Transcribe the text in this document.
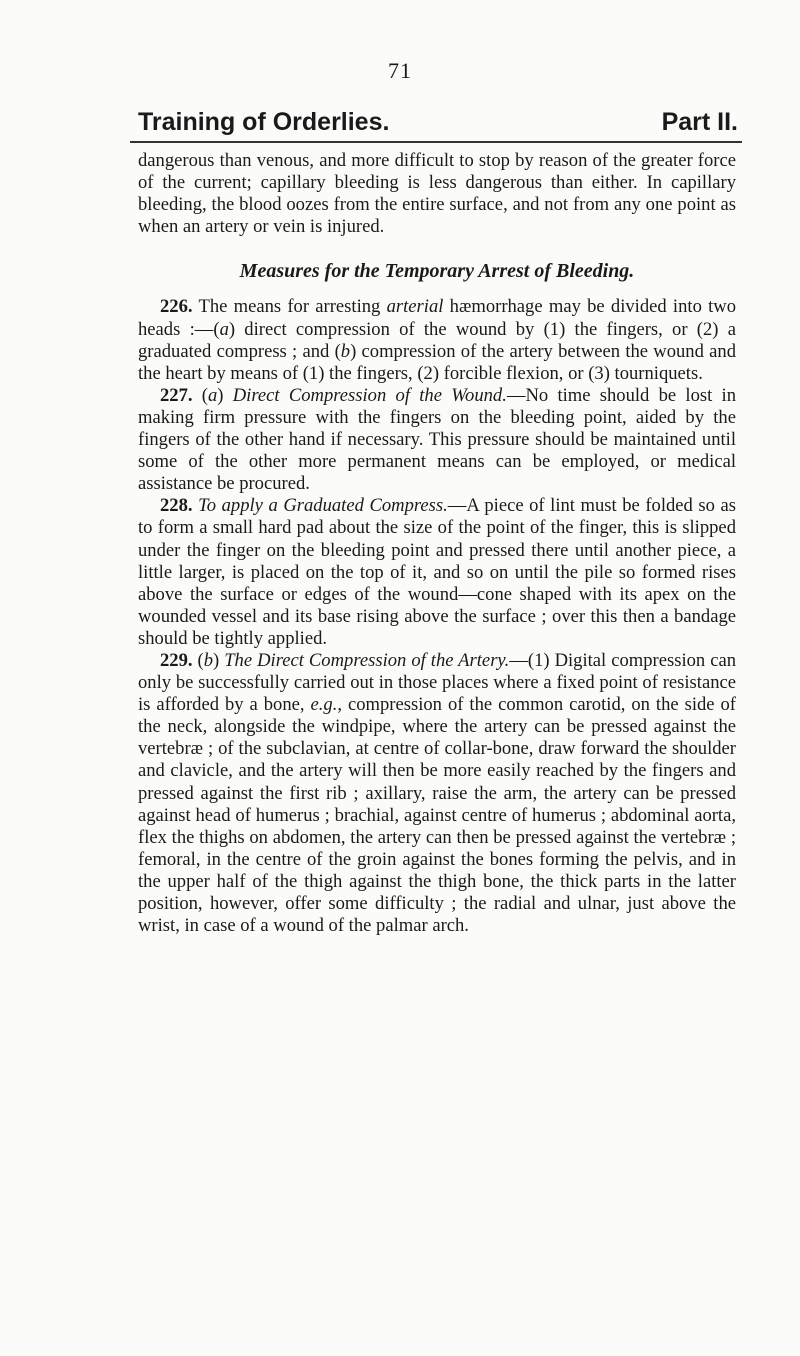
71
Training of Orderlies.	Part II.

dangerous than venous, and more difficult to stop by reason of the greater force of the current; capillary bleeding is less dangerous than either. In capillary bleeding, the blood oozes from the entire surface, and not from any one point as when an artery or vein is injured.

Measures for the Temporary Arrest of Bleeding.

226. The means for arresting arterial hæmorrhage may be divided into two heads :—(a) direct compression of the wound by (1) the fingers, or (2) a graduated compress ; and (b) compression of the artery between the wound and the heart by means of (1) the fingers, (2) forcible flexion, or (3) tourniquets.

227. (a) Direct Compression of the Wound.—No time should be lost in making firm pressure with the fingers on the bleeding point, aided by the fingers of the other hand if necessary. This pressure should be maintained until some of the other more permanent means can be employed, or medical assistance be procured.

228. To apply a Graduated Compress.—A piece of lint must be folded so as to form a small hard pad about the size of the point of the finger, this is slipped under the finger on the bleeding point and pressed there until another piece, a little larger, is placed on the top of it, and so on until the pile so formed rises above the surface or edges of the wound—cone shaped with its apex on the wounded vessel and its base rising above the surface ; over this then a bandage should be tightly applied.

229. (b) The Direct Compression of the Artery.—(1) Digital compression can only be successfully carried out in those places where a fixed point of resistance is afforded by a bone, e.g., compression of the common carotid, on the side of the neck, alongside the windpipe, where the artery can be pressed against the vertebræ ; of the subclavian, at centre of collar-bone, draw forward the shoulder and clavicle, and the artery will then be more easily reached by the fingers and pressed against the first rib ; axillary, raise the arm, the artery can be pressed against head of humerus ; brachial, against centre of humerus ; abdominal aorta, flex the thighs on abdomen, the artery can then be pressed against the vertebræ ; femoral, in the centre of the groin against the bones forming the pelvis, and in the upper half of the thigh against the thigh bone, the thick parts in the latter position, however, offer some difficulty ; the radial and ulnar, just above the wrist, in case of a wound of the palmar arch.
